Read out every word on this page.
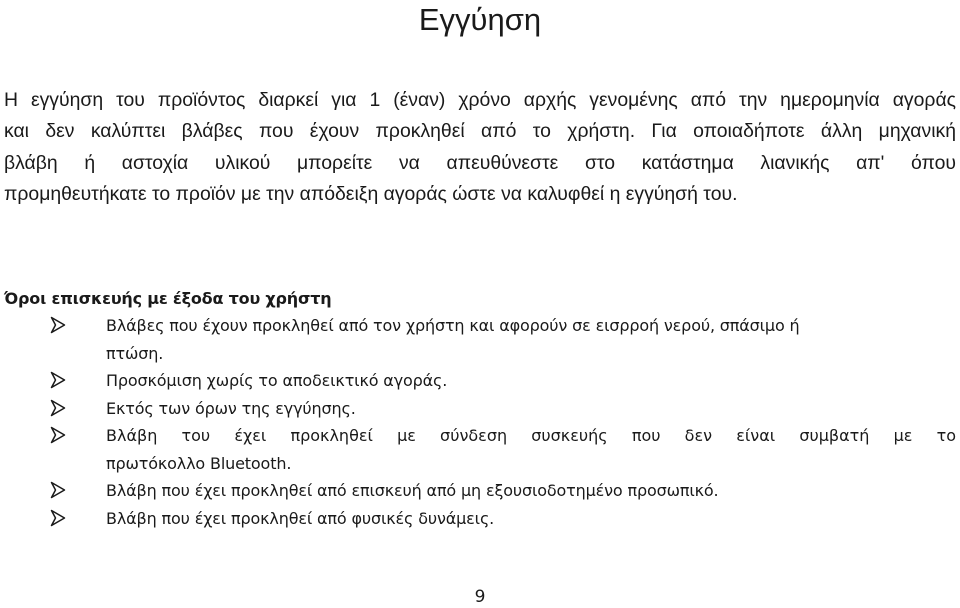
Εγγύηση
Η εγγύηση του προϊόντος διαρκεί για 1 (έναν) χρόνο αρχής γενομένης από την ημερομηνία αγοράς
και δεν καλύπτει βλάβες που έχουν προκληθεί από το χρήστη. Για οποιαδήποτε άλλη μηχανική
βλάβη ή αστοχία υλικού μπορείτε να απευθύνεστε στο κατάστημα λιανικής απ' όπου
προμηθευτήκατε το προϊόν με την απόδειξη αγοράς ώστε να καλυφθεί η εγγύησή του.
Όροι επισκευής με έξοδα του χρήστη
Βλάβες που έχουν προκληθεί από τον χρήστη και αφορούν σε εισρροή νερού, σπάσιμο ή
πτώση.
Προσκόμιση χωρίς το αποδεικτικό αγοράς.
Εκτός των όρων της εγγύησης.
Βλάβη του έχει προκληθεί με σύνδεση συσκευής που δεν είναι συμβατή με το
πρωτόκολλο Bluetooth.
Βλάβη που έχει προκληθεί από επισκευή από μη εξουσιοδοτημένο προσωπικό.
Βλάβη που έχει προκληθεί από φυσικές δυνάμεις.
9
